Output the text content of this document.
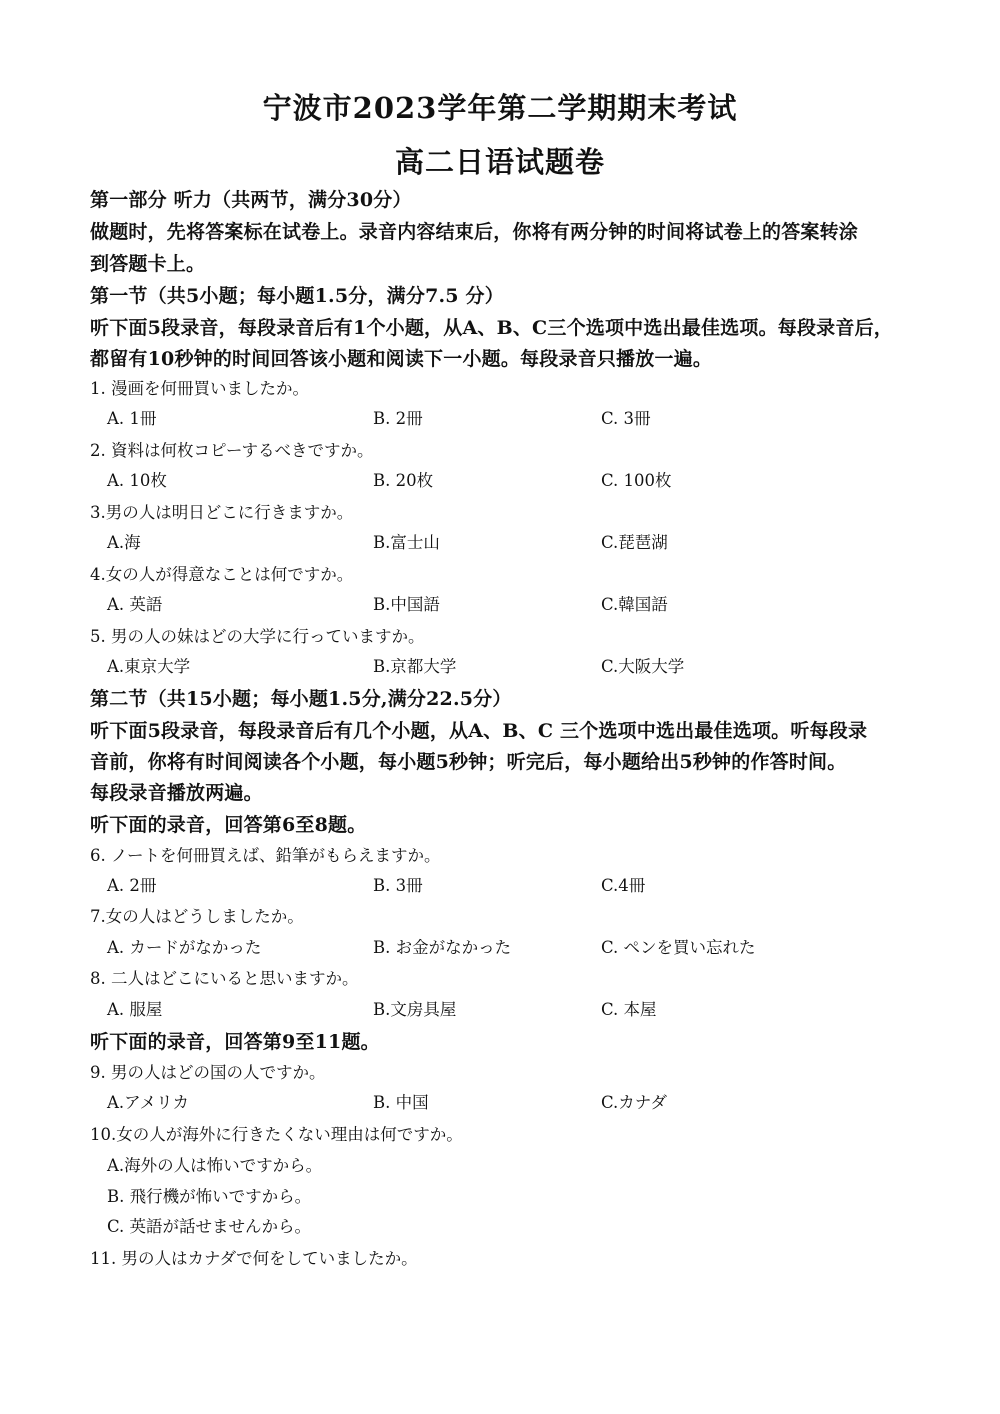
宁波市2023学年第二学期期末考试
高二日语试题卷
第一部分 听力（共两节，满分30分）
做题时，先将答案标在试卷上。录音内容结束后，你将有两分钟的时间将试卷上的答案转涂
到答题卡上。
第一节（共5小题；每小题1.5分，满分7.5 分）
听下面5段录音，每段录音后有1个小题，从A、B、C三个选项中选出最佳选项。每段录音后，
都留有10秒钟的时间回答该小题和阅读下一小题。每段录音只播放一遍。
1. 漫画を何冊買いましたか。
A. 1冊	B. 2冊	C. 3冊
2. 資料は何枚コピーするべきですか。
A. 10枚	B. 20枚	C. 100枚
3.男の人は明日どこに行きますか。
A.海	B.富士山	C.琵琶湖
4.女の人が得意なことは何ですか。
A. 英語	B.中国語	C.韓国語
5. 男の人の妹はどの大学に行っていますか。
A.東京大学	B.京都大学	C.大阪大学
第二节（共15小题；每小题1.5分,满分22.5分）
听下面5段录音，每段录音后有几个小题，从A、B、C 三个选项中选出最佳选项。听每段录
音前，你将有时间阅读各个小题，每小题5秒钟；听完后，每小题给出5秒钟的作答时间。
每段录音播放两遍。
听下面的录音，回答第6至8题。
6. ノートを何冊買えば、鉛筆がもらえますか。
A. 2冊	B. 3冊	C.4冊
7.女の人はどうしましたか。
A. カードがなかった	B. お金がなかった	C. ペンを買い忘れた
8. 二人はどこにいると思いますか。
A. 服屋	B.文房具屋	C. 本屋
听下面的录音，回答第9至11题。
9. 男の人はどの国の人ですか。
A.アメリカ	B. 中国	C.カナダ
10.女の人が海外に行きたくない理由は何ですか。
A.海外の人は怖いですから。
B. 飛行機が怖いですから。
C. 英語が話せませんから。
11. 男の人はカナダで何をしていましたか。
